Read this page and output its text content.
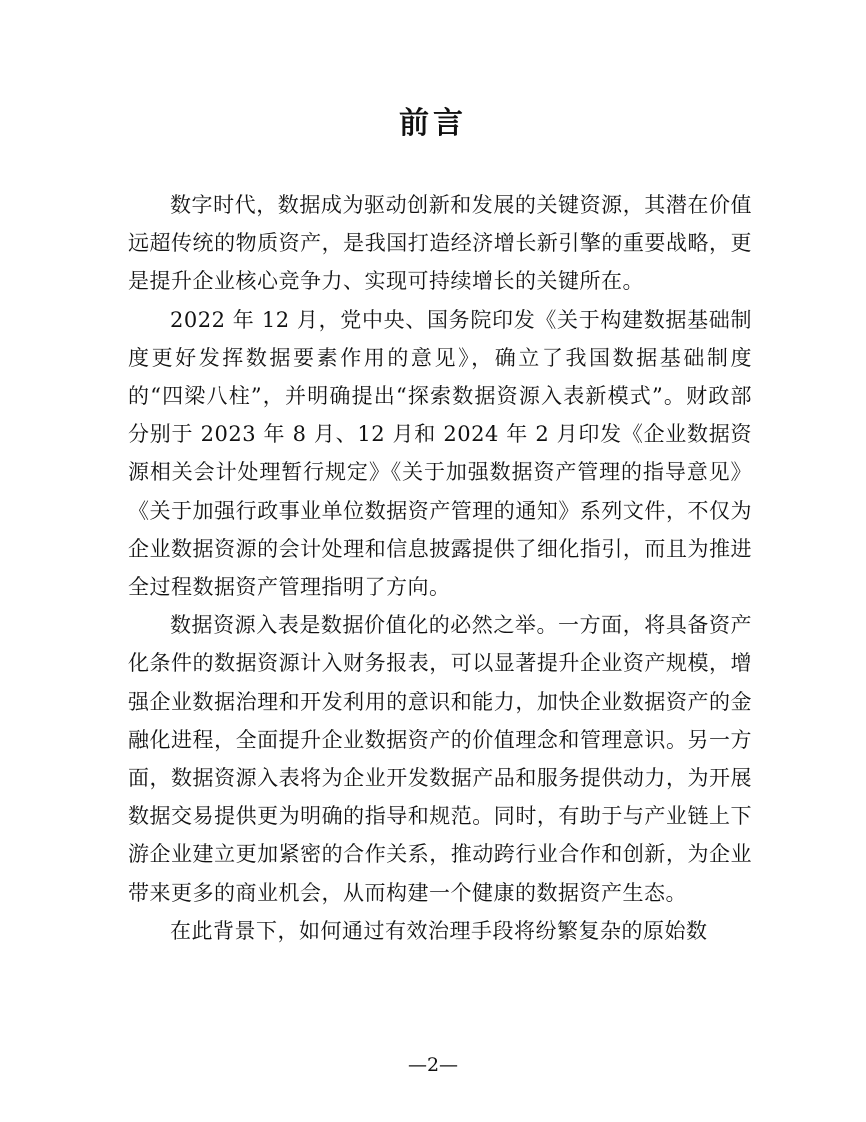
前言

数字时代，数据成为驱动创新和发展的关键资源，其潜在价值远超传统的物质资产，是我国打造经济增长新引擎的重要战略，更是提升企业核心竞争力、实现可持续增长的关键所在。

2022 年 12 月，党中央、国务院印发《关于构建数据基础制度更好发挥数据要素作用的意见》，确立了我国数据基础制度的“四梁八柱”，并明确提出“探索数据资源入表新模式”。财政部分别于 2023 年 8 月、12 月和 2024 年 2 月印发《企业数据资源相关会计处理暂行规定》《关于加强数据资产管理的指导意见》《关于加强行政事业单位数据资产管理的通知》系列文件，不仅为企业数据资源的会计处理和信息披露提供了细化指引，而且为推进全过程数据资产管理指明了方向。

数据资源入表是数据价值化的必然之举。一方面，将具备资产化条件的数据资源计入财务报表，可以显著提升企业资产规模，增强企业数据治理和开发利用的意识和能力，加快企业数据资产的金融化进程，全面提升企业数据资产的价值理念和管理意识。另一方面，数据资源入表将为企业开发数据产品和服务提供动力，为开展数据交易提供更为明确的指导和规范。同时，有助于与产业链上下游企业建立更加紧密的合作关系，推动跨行业合作和创新，为企业带来更多的商业机会，从而构建一个健康的数据资产生态。

在此背景下，如何通过有效治理手段将纷繁复杂的原始数

—2—
